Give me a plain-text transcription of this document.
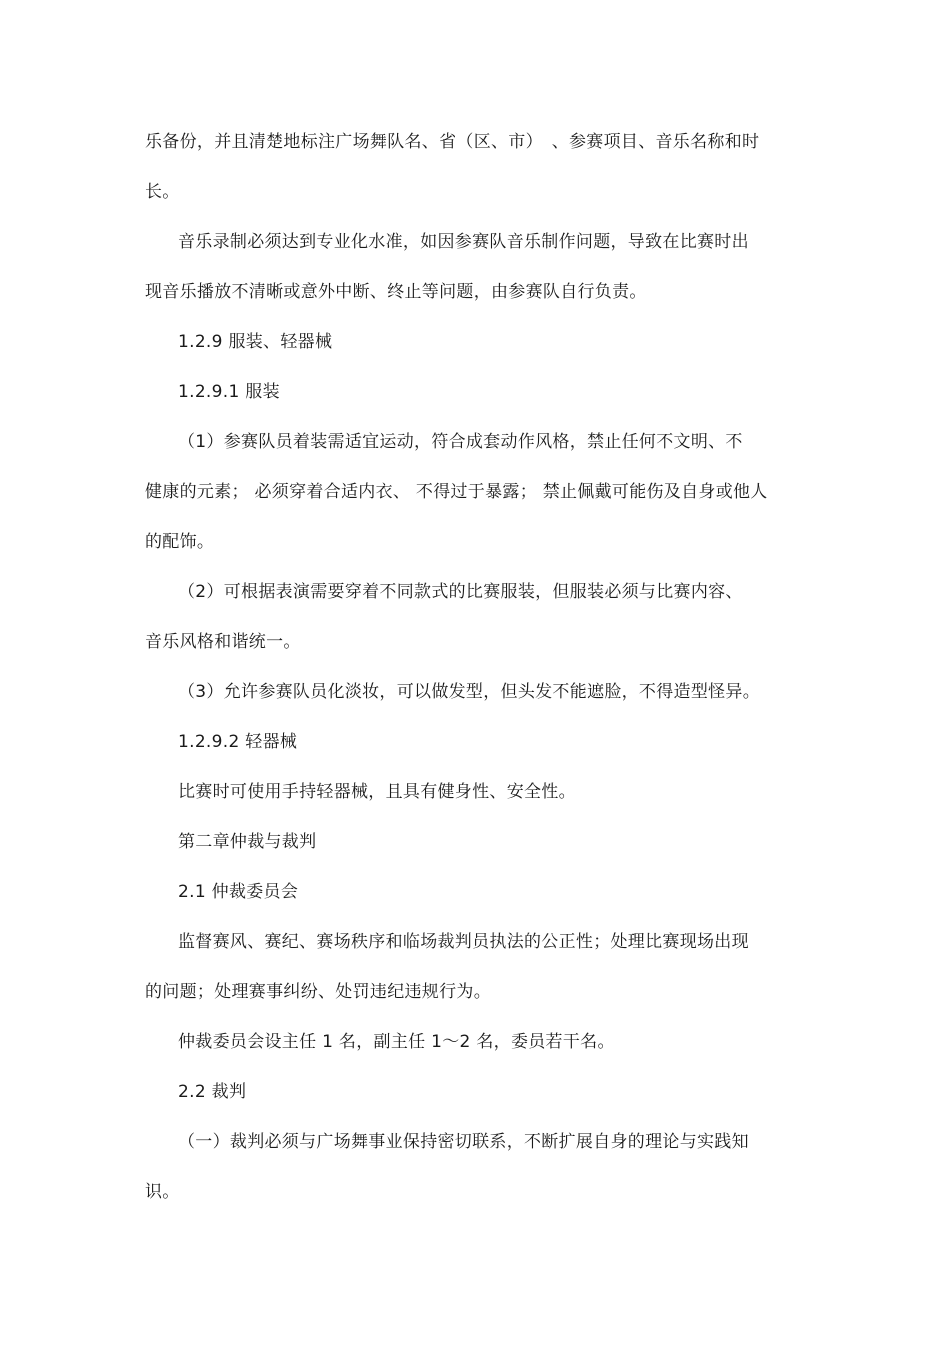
乐备份，并且清楚地标注广场舞队名、省（区、市）　、参赛项目、音乐名称和时
长。
音乐录制必须达到专业化水准，如因参赛队音乐制作问题，导致在比赛时出
现音乐播放不清晰或意外中断、终止等问题，由参赛队自行负责。
1.2.9 服装、轻器械
1.2.9.1 服装
（1）参赛队员着装需适宜运动，符合成套动作风格，禁止任何不文明、不
健康的元素； 必须穿着合适内衣、 不得过于暴露； 禁止佩戴可能伤及自身或他人
的配饰。
（2）可根据表演需要穿着不同款式的比赛服装，但服装必须与比赛内容、
音乐风格和谐统一。
（3）允许参赛队员化淡妆，可以做发型，但头发不能遮脸，不得造型怪异。
1.2.9.2 轻器械
比赛时可使用手持轻器械，且具有健身性、安全性。
第二章仲裁与裁判
2.1 仲裁委员会
监督赛风、赛纪、赛场秩序和临场裁判员执法的公正性；处理比赛现场出现
的问题；处理赛事纠纷、处罚违纪违规行为。
仲裁委员会设主任 1 名，副主任 1～2 名，委员若干名。
2.2 裁判
（一）裁判必须与广场舞事业保持密切联系，不断扩展自身的理论与实践知
识。
